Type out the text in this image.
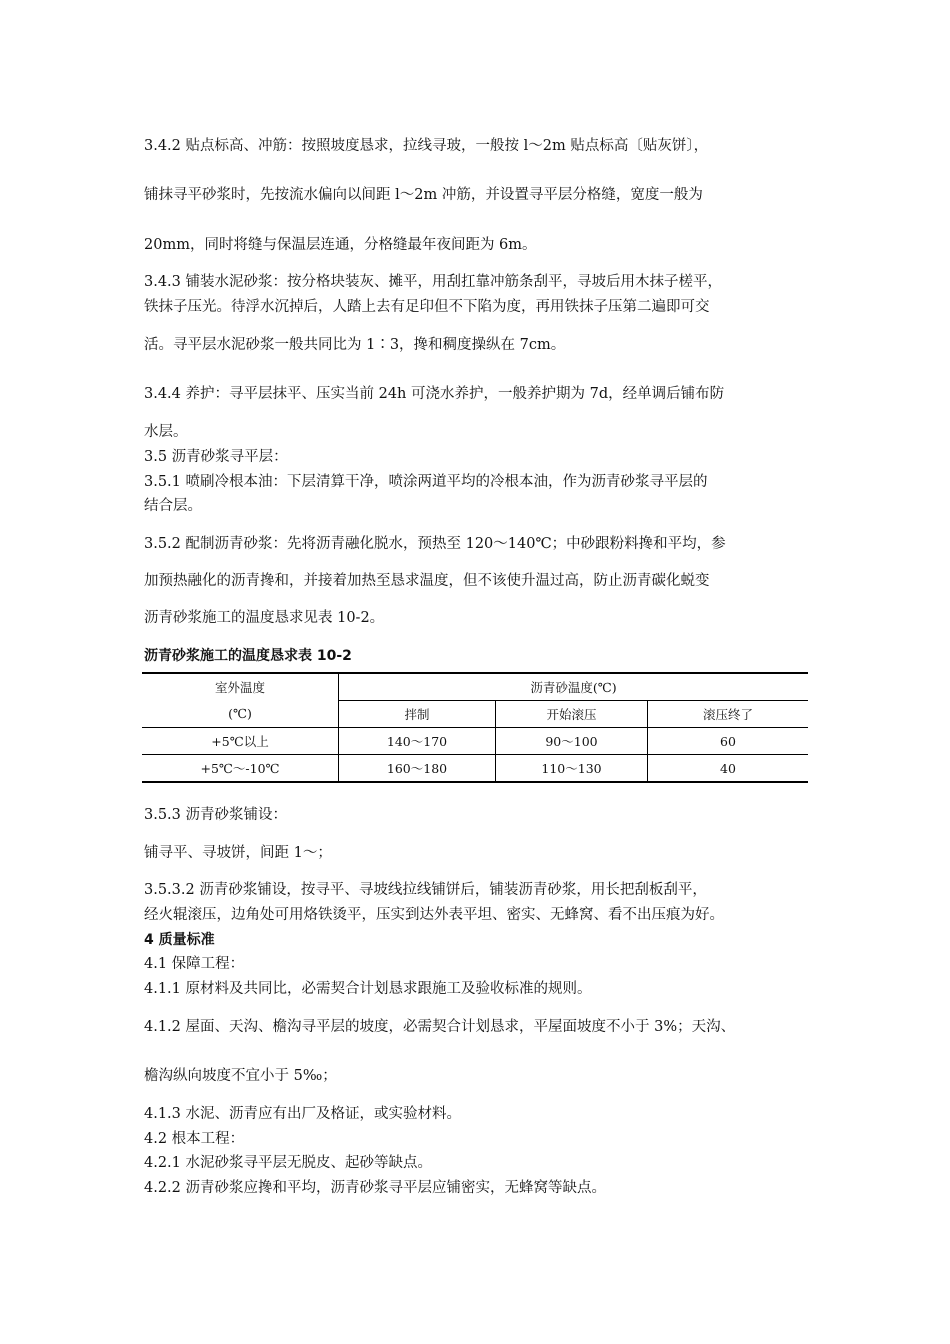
3.4.2 贴点标高、冲筋：按照坡度恳求，拉线寻玻，一般按 l～2m 贴点标高〔贴灰饼〕，
铺抹寻平砂浆时，先按流水偏向以间距 l～2m 冲筋，并设置寻平层分格缝，宽度一般为
20mm，同时将缝与保温层连通，分格缝最年夜间距为 6m。
3.4.3 铺装水泥砂浆：按分格块装灰、摊平，用刮扛靠冲筋条刮平，寻坡后用木抹子槎平，
铁抹子压光。待浮水沉掉后，人踏上去有足印但不下陷为度，再用铁抹子压第二遍即可交
活。寻平层水泥砂浆一般共同比为 1∶3，搀和稠度操纵在 7cm。
3.4.4 养护：寻平层抹平、压实当前 24h 可浇水养护，一般养护期为 7d，经单调后铺布防
水层。
3.5 沥青砂浆寻平层：
3.5.1 喷刷冷根本油：下层清算干净，喷涂两道平均的冷根本油，作为沥青砂浆寻平层的
结合层。
3.5.2 配制沥青砂浆：先将沥青融化脱水，预热至 120～140℃；中砂跟粉料搀和平均，参
加预热融化的沥青搀和，并接着加热至恳求温度，但不该使升温过高，防止沥青碳化蜕变
沥青砂浆施工的温度恳求见表 10-2。
沥青砂浆施工的温度恳求表 10-2
室外温度	沥青砂温度(℃)		
(℃)	拌制	开始滚压	滚压终了
+5℃以上	140～170	90～100	60
+5℃～-10℃	160～180	110～130	40
3.5.3 沥青砂浆铺设：
铺寻平、寻坡饼，间距 1～；
3.5.3.2 沥青砂浆铺设，按寻平、寻坡线拉线铺饼后，铺装沥青砂浆，用长把刮板刮平，
经火辊滚压，边角处可用烙铁烫平，压实到达外表平坦、密实、无蜂窝、看不出压痕为好。
4 质量标准
4.1 保障工程：
4.1.1 原材料及共同比，必需契合计划恳求跟施工及验收标准的规则。
4.1.2 屋面、天沟、檐沟寻平层的坡度，必需契合计划恳求，平屋面坡度不小于 3%；天沟、
檐沟纵向坡度不宜小于 5‰；
4.1.3 水泥、沥青应有出厂及格证，或实验材料。
4.2 根本工程：
4.2.1 水泥砂浆寻平层无脱皮、起砂等缺点。
4.2.2 沥青砂浆应搀和平均，沥青砂浆寻平层应铺密实，无蜂窝等缺点。
